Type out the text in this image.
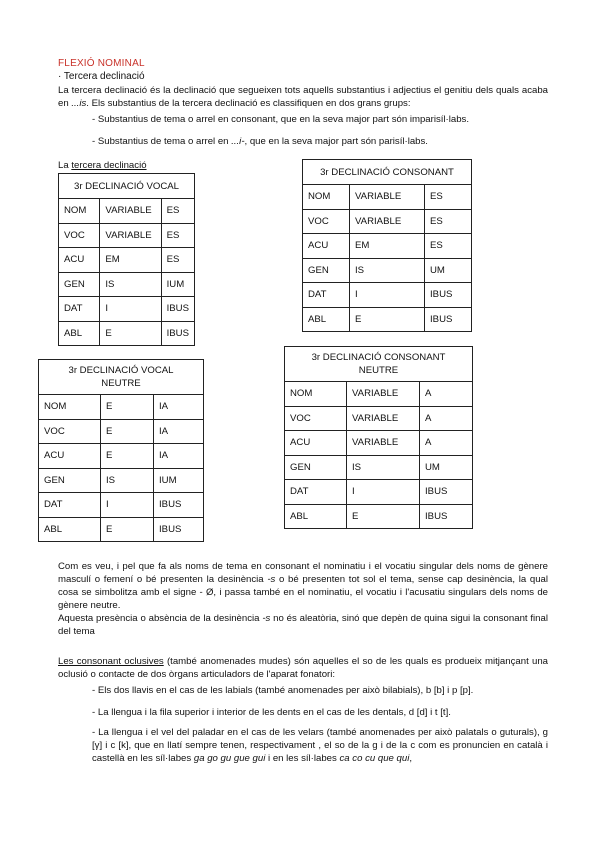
FLEXIÓ NOMINAL
· Tercera declinació
La tercera declinació és la declinació que segueixen tots aquells substantius i adjectius el genitiu dels quals acaba en ...is. Els substantius de la tercera declinació es classifiquen en dos grans grups:
- Substantius de tema o arrel en consonant, que en la seva major part són imparisíl·labs.
- Substantius de tema o arrel en ...i-, que en la seva major part són parisíl·labs.
La tercera declinació
3r DECLINACIÓ VOCAL		
NOM	VARIABLE	ES
VOC	VARIABLE	ES
ACU	EM	ES
GEN	IS	IUM
DAT	I	IBUS
ABL	E	IBUS
3r DECLINACIÓ CONSONANT		
NOM	VARIABLE	ES
VOC	VARIABLE	ES
ACU	EM	ES
GEN	IS	UM
DAT	I	IBUS
ABL	E	IBUS
3r DECLINACIÓ VOCAL
NEUTRE		
NOM	E	IA
VOC	E	IA
ACU	E	IA
GEN	IS	IUM
DAT	I	IBUS
ABL	E	IBUS
3r DECLINACIÓ CONSONANT
NEUTRE		
NOM	VARIABLE	A
VOC	VARIABLE	A
ACU	VARIABLE	A
GEN	IS	UM
DAT	I	IBUS
ABL	E	IBUS
Com es veu, i pel que fa als noms de tema en consonant el nominatiu i el vocatiu singular dels noms de gènere masculí o femení o bé presenten la desinència -s o bé presenten tot sol el tema, sense cap desinència, la qual cosa se simbolitza amb el signe - Ø, i passa també en el nominatiu, el vocatiu i l'acusatiu singulars dels noms de gènere neutre.
Aquesta presència o absència de la desinència -s no és aleatòria, sinó que depèn de quina sigui la consonant final del tema
Les consonant oclusives (també anomenades mudes) són aquelles el so de les quals es produeix mitjançant una oclusió o contacte de dos òrgans articuladors de l'aparat fonatori:
- Els dos llavis en el cas de les labials (també anomenades per això bilabials), b [b] i p [p].
- La llengua i la fila superior i interior de les dents en el cas de les dentals, d [d] i t [t].
- La llengua i el vel del paladar en el cas de les velars (també anomenades per això palatals o guturals), g [γ] i c [k], que en llatí sempre tenen, respectivament , el so de la g i de la c com es pronuncien en català i castellà en les síl·labes ga go gu gue gui i en les síl·labes ca co cu que qui,
